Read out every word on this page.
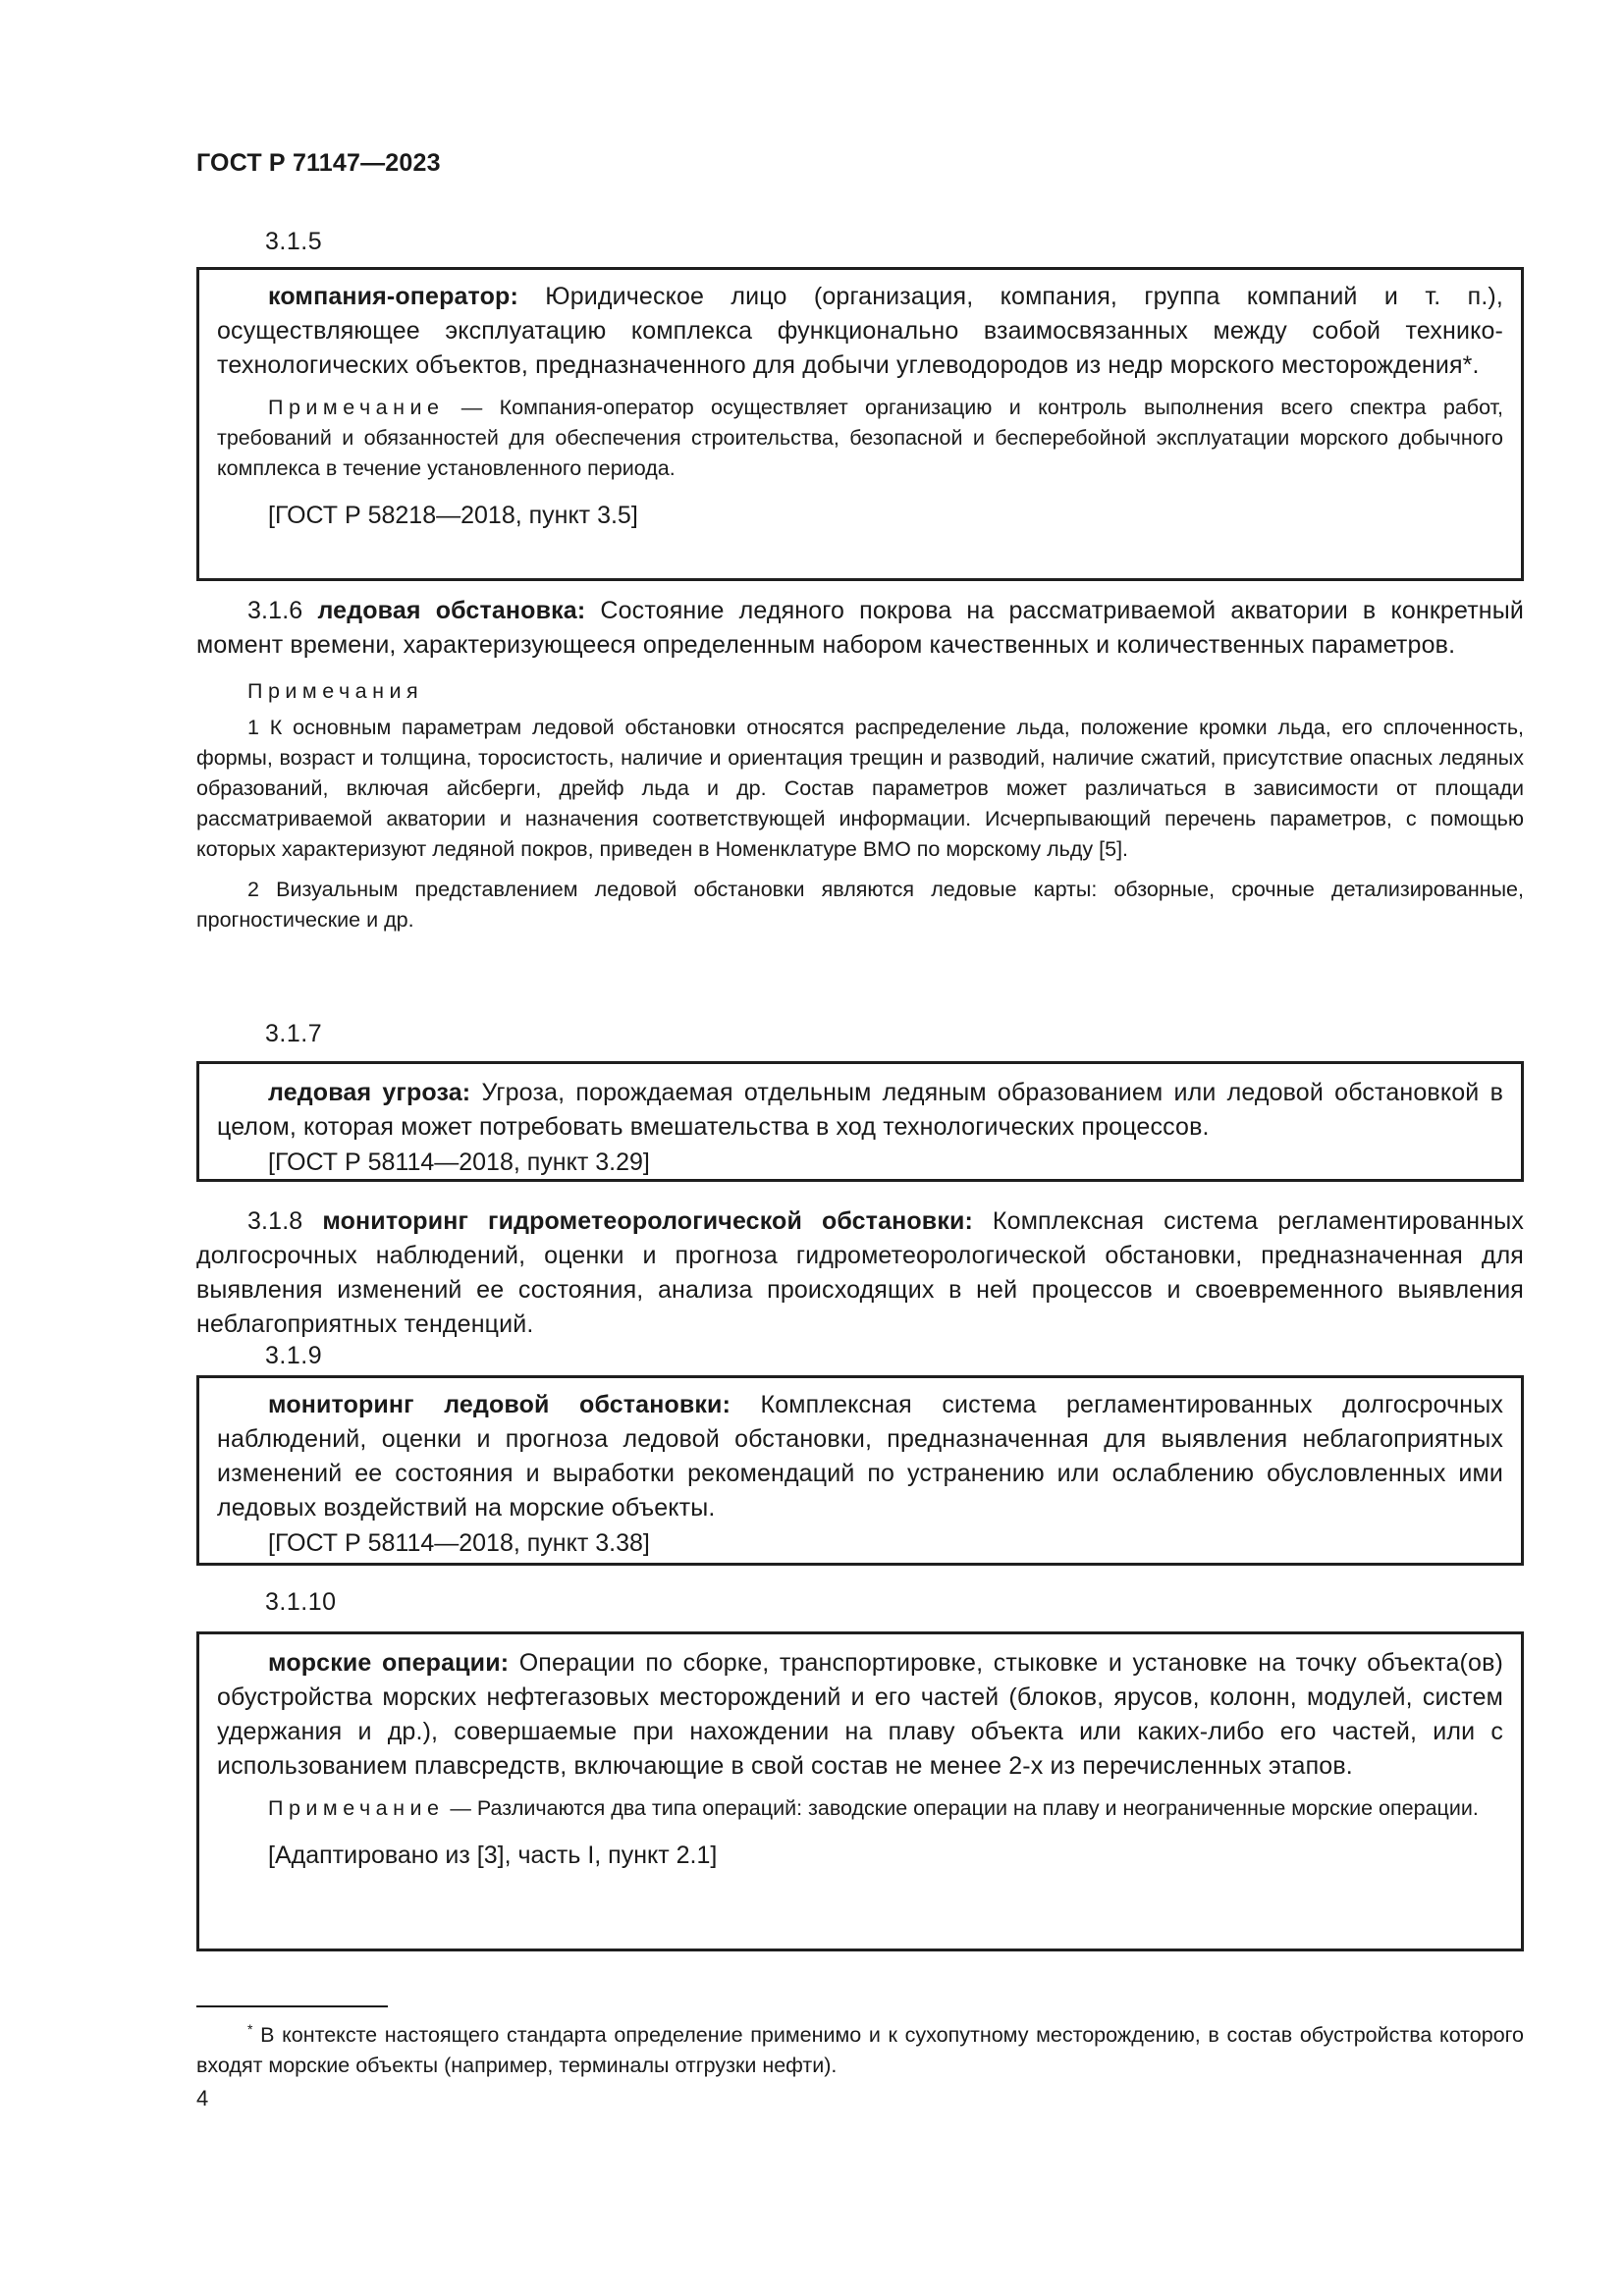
ГОСТ Р 71147—2023

3.1.5

компания-оператор: Юридическое лицо (организация, компания, группа компаний и т. п.), осуществляющее эксплуатацию комплекса функционально взаимосвязанных между собой технико-технологических объектов, предназначенного для добычи углеводородов из недр морского месторождения*.

Примечание — Компания-оператор осуществляет организацию и контроль выполнения всего спектра работ, требований и обязанностей для обеспечения строительства, безопасной и бесперебойной эксплуатации морского добычного комплекса в течение установленного периода.

[ГОСТ Р 58218—2018, пункт 3.5]

3.1.6 ледовая обстановка: Состояние ледяного покрова на рассматриваемой акватории в конкретный момент времени, характеризующееся определенным набором качественных и количественных параметров.

Примечания

1 К основным параметрам ледовой обстановки относятся распределение льда, положение кромки льда, его сплоченность, формы, возраст и толщина, торосистость, наличие и ориентация трещин и разводий, наличие сжатий, присутствие опасных ледяных образований, включая айсберги, дрейф льда и др. Состав параметров может различаться в зависимости от площади рассматриваемой акватории и назначения соответствующей информации. Исчерпывающий перечень параметров, с помощью которых характеризуют ледяной покров, приведен в Номенклатуре ВМО по морскому льду [5].

2 Визуальным представлением ледовой обстановки являются ледовые карты: обзорные, срочные детализированные, прогностические и др.

3.1.7

ледовая угроза: Угроза, порождаемая отдельным ледяным образованием или ледовой обстановкой в целом, которая может потребовать вмешательства в ход технологических процессов.

[ГОСТ Р 58114—2018, пункт 3.29]

3.1.8 мониторинг гидрометеорологической обстановки: Комплексная система регламентированных долгосрочных наблюдений, оценки и прогноза гидрометеорологической обстановки, предназначенная для выявления изменений ее состояния, анализа происходящих в ней процессов и своевременного выявления неблагоприятных тенденций.

3.1.9

мониторинг ледовой обстановки: Комплексная система регламентированных долгосрочных наблюдений, оценки и прогноза ледовой обстановки, предназначенная для выявления неблагоприятных изменений ее состояния и выработки рекомендаций по устранению или ослаблению обусловленных ими ледовых воздействий на морские объекты.

[ГОСТ Р 58114—2018, пункт 3.38]

3.1.10

морские операции: Операции по сборке, транспортировке, стыковке и установке на точку объекта(ов) обустройства морских нефтегазовых месторождений и его частей (блоков, ярусов, колонн, модулей, систем удержания и др.), совершаемые при нахождении на плаву объекта или каких-либо его частей, или с использованием плавсредств, включающие в свой состав не менее 2-х из перечисленных этапов.

Примечание — Различаются два типа операций: заводские операции на плаву и неограниченные морские операции.

[Адаптировано из [3], часть I, пункт 2.1]

* В контексте настоящего стандарта определение применимо и к сухопутному месторождению, в состав обустройства которого входят морские объекты (например, терминалы отгрузки нефти).

4
